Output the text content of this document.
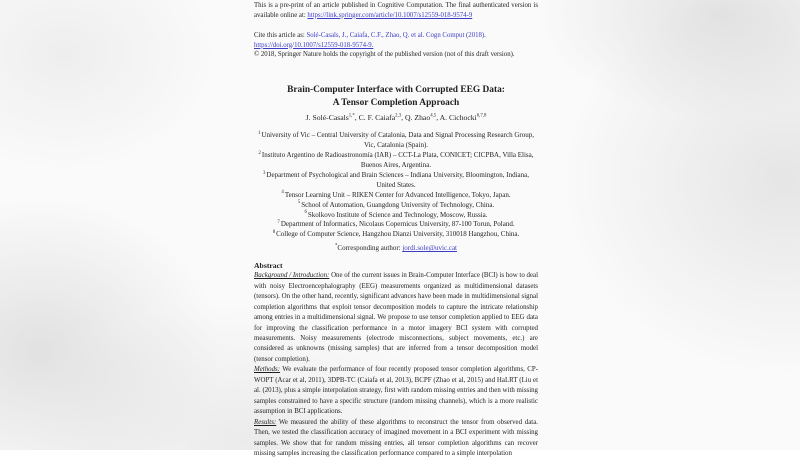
This is a pre-print of an article published in Cognitive Computation. The final authenticated version is available online at: https://link.springer.com/article/10.1007/s12559-018-9574-9
Cite this article as: Solé-Casals, J., Caiafa, C.F., Zhao, Q. et al. Cogn Comput (2018).
https://doi.org/10.1007/s12559-018-9574-9.
© 2018, Springer Nature holds the copyright of the published version (not of this draft version).
Brain-Computer Interface with Corrupted EEG Data:
A Tensor Completion Approach
J. Solé-Casals$^{1,*}$, C. F. Caiafa$^{2,3}$, Q. Zhao$^{4,5}$, A. Cichocki$^{6,7,8}$
$^1$University of Vic – Central University of Catalonia, Data and Signal Processing Research Group, Vic, Catalonia (Spain).
$^2$Instituto Argentino de Radioastronomía (IAR) – CCT-La Plata, CONICET; CICPBA, Villa Elisa, Buenos Aires, Argentina.
$^3$Department of Psychological and Brain Sciences – Indiana University, Bloomington, Indiana, United States.
$^4$Tensor Learning Unit – RIKEN Center for Advanced Intelligence, Tokyo, Japan.
$^5$School of Automation, Guangdong University of Technology, China.
$^6$Skolkovo Institute of Science and Technology, Moscow, Russia.
$^7$Department of Informatics, Nicolaus Copernicus University, 87-100 Torun, Poland.
$^8$College of Computer Science, Hangzhou Dianzi University, 310018 Hangzhou, China.
*Corresponding author: jordi.sole@uvic.cat
Abstract

Background / Introduction: One of the current issues in Brain-Computer Interface (BCI) is how to deal with noisy Electroencephalography (EEG) measurements organized as multidimensional datasets (tensors). On the other hand, recently, significant advances have been made in multidimensional signal completion algorithms that exploit tensor decomposition models to capture the intricate relationship among entries in a multidimensional signal. We propose to use tensor completion applied to EEG data for improving the classification performance in a motor imagery BCI system with corrupted measurements. Noisy measurements (electrode misconnections, subject movements, etc.) are considered as unknowns (missing samples) that are inferred from a tensor decomposition model (tensor completion).

Methods: We evaluate the performance of four recently proposed tensor completion algorithms, CP-WOPT (Acar et al, 2011), 3DPB-TC (Caiafa et al, 2013), BCPF (Zhao et al, 2015) and HaLRT (Liu et al. (2013), plus a simple interpolation strategy, first with random missing entries and then with missing samples constrained to have a specific structure (random missing channels), which is a more realistic assumption in BCI applications.

Results: We measured the ability of these algorithms to reconstruct the tensor from observed data. Then, we tested the classification accuracy of imagined movement in a BCI experiment with missing samples. We show that for random missing entries, all tensor completion algorithms can recover missing samples increasing the classification performance compared to a simple interpolation
